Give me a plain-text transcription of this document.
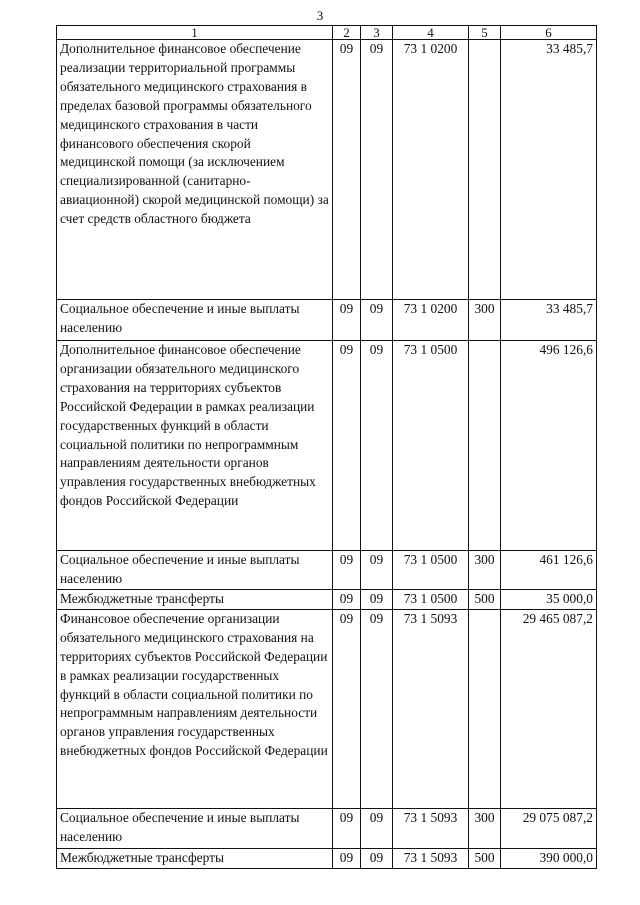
3
1	2	3	4	5	6
Дополнительное финансовое обеспечение реализации территориальной программы обязательного медицинского страхования в пределах базовой программы обязательного медицинского страхования в части финансового обеспечения скорой медицинской помощи (за исключением специализированной (санитарно-авиационной) скорой медицинской помощи) за счет средств областного бюджета	09	09	73 1 0200		33 485,7
Социальное обеспечение и иные выплаты населению	09	09	73 1 0200	300	33 485,7
Дополнительное финансовое обеспечение организации обязательного медицинского страхования на территориях субъектов Российской Федерации в рамках реализации государственных функций в области социальной политики по непрограммным направлениям деятельности органов управления государственных внебюджетных фондов Российской Федерации	09	09	73 1 0500		496 126,6
Социальное обеспечение и иные выплаты населению	09	09	73 1 0500	300	461 126,6
Межбюджетные трансферты	09	09	73 1 0500	500	35 000,0
Финансовое обеспечение организации обязательного медицинского страхования на территориях субъектов Российской Федерации в рамках реализации государственных функций в области социальной политики по непрограммным направлениям деятельности органов управления государственных внебюджетных фондов Российской Федерации	09	09	73 1 5093		29 465 087,2
Социальное обеспечение и иные выплаты населению	09	09	73 1 5093	300	29 075 087,2
Межбюджетные трансферты	09	09	73 1 5093	500	390 000,0
